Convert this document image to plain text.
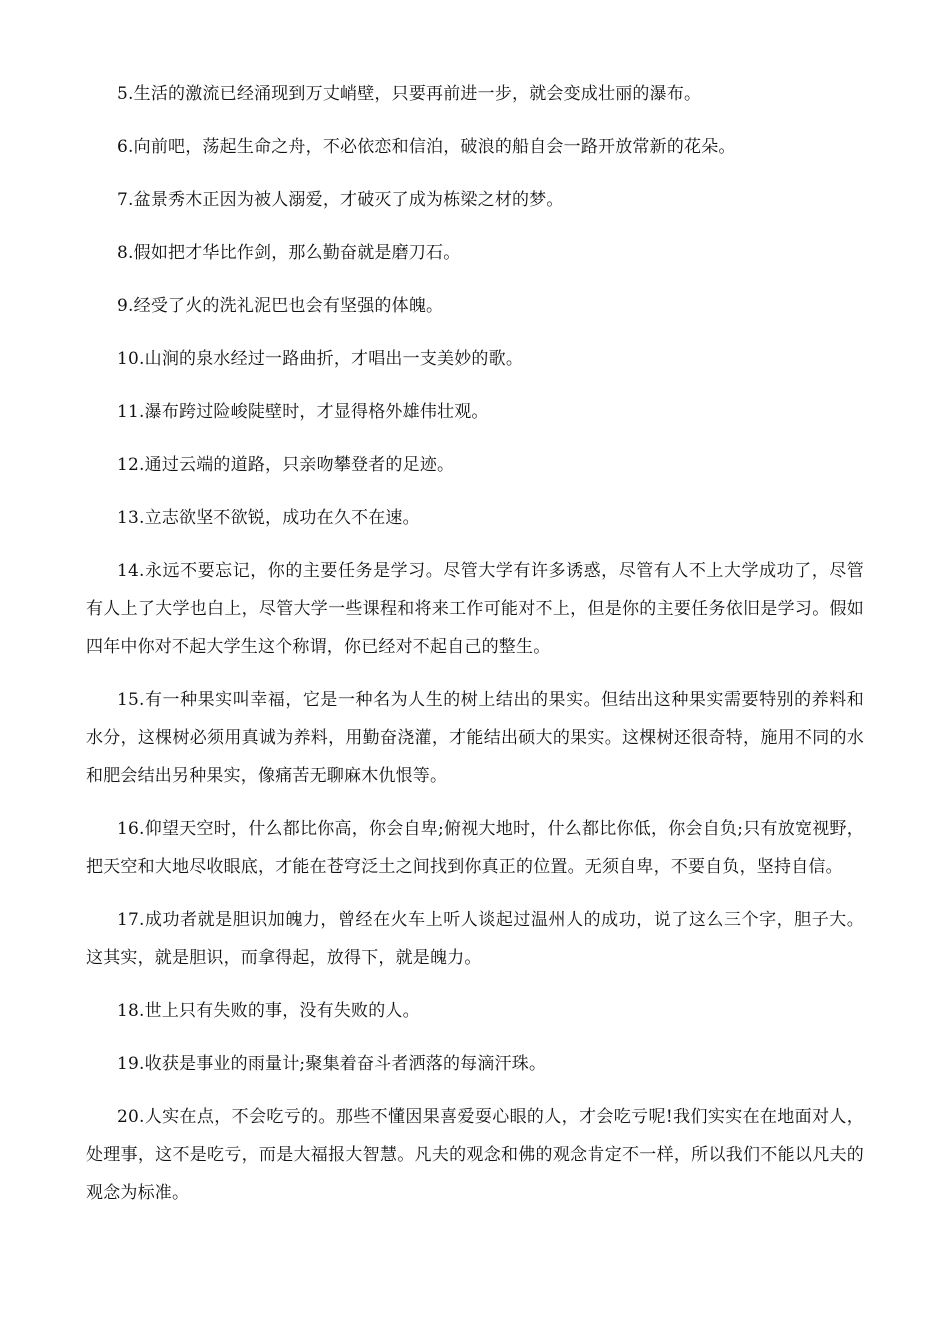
5.生活的激流已经涌现到万丈峭壁，只要再前进一步，就会变成壮丽的瀑布。

6.向前吧，荡起生命之舟，不必依恋和信泊，破浪的船自会一路开放常新的花朵。

7.盆景秀木正因为被人溺爱，才破灭了成为栋梁之材的梦。

8.假如把才华比作剑，那么勤奋就是磨刀石。

9.经受了火的洗礼泥巴也会有坚强的体魄。

10.山涧的泉水经过一路曲折，才唱出一支美妙的歌。

11.瀑布跨过险峻陡壁时，才显得格外雄伟壮观。

12.通过云端的道路，只亲吻攀登者的足迹。

13.立志欲坚不欲锐，成功在久不在速。

14.永远不要忘记，你的主要任务是学习。尽管大学有许多诱惑，尽管有人不上大学成功了，尽管有人上了大学也白上，尽管大学一些课程和将来工作可能对不上，但是你的主要任务依旧是学习。假如四年中你对不起大学生这个称谓，你已经对不起自己的整生。

15.有一种果实叫幸福，它是一种名为人生的树上结出的果实。但结出这种果实需要特别的养料和水分，这棵树必须用真诚为养料，用勤奋浇灌，才能结出硕大的果实。这棵树还很奇特，施用不同的水和肥会结出另种果实，像痛苦无聊麻木仇恨等。

16.仰望天空时，什么都比你高，你会自卑;俯视大地时，什么都比你低，你会自负;只有放宽视野，把天空和大地尽收眼底，才能在苍穹泛土之间找到你真正的位置。无须自卑，不要自负，坚持自信。

17.成功者就是胆识加魄力，曾经在火车上听人谈起过温州人的成功，说了这么三个字，胆子大。这其实，就是胆识，而拿得起，放得下，就是魄力。

18.世上只有失败的事，没有失败的人。

19.收获是事业的雨量计;聚集着奋斗者洒落的每滴汗珠。

20.人实在点，不会吃亏的。那些不懂因果喜爱耍心眼的人，才会吃亏呢!我们实实在在地面对人，处理事，这不是吃亏，而是大福报大智慧。凡夫的观念和佛的观念肯定不一样，所以我们不能以凡夫的观念为标准。
